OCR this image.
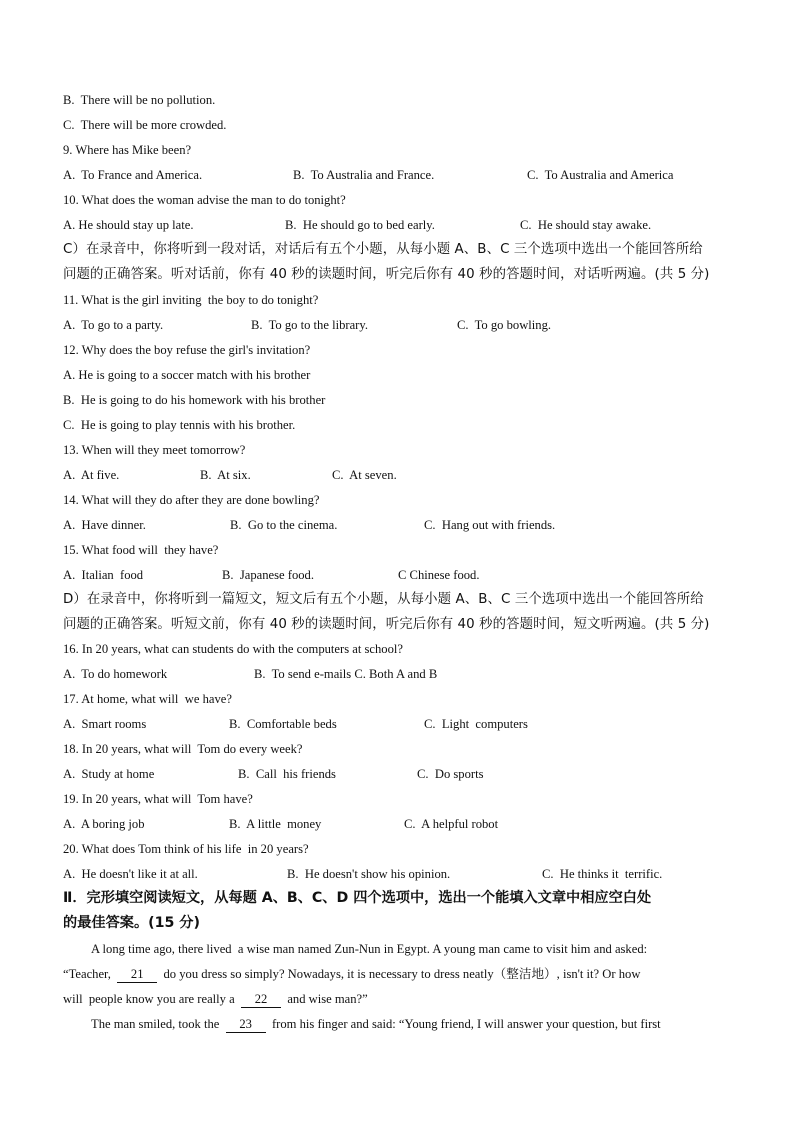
B.  There will be no pollution.
C.  There will be more crowded.
9. Where has Mike been?
A.  To France and America.	B.  To Australia and France.	C.  To Australia and America
10. What does the woman advise the man to do tonight?
A. He should stay up late.	B.  He should go to bed early.	C.  He should stay awake.
C）在录音中，你将听到一段对话，对话后有五个小题，从每小题 A、B、C 三个选项中选出一个能回答所给
问题的正确答案。听对话前，你有 40 秒的读题时间，听完后你有 40 秒的答题时间，对话听两遍。(共 5 分)
11. What is the girl inviting  the boy to do tonight?
A.  To go to a party.	B.  To go to the library.	C.  To go bowling.
12. Why does the boy refuse the girl's invitation?
A. He is going to a soccer match with his brother
B.  He is going to do his homework with his brother
C.  He is going to play tennis with his brother.
13. When will they meet tomorrow?
A.  At five.	B.  At six.	C.  At seven.
14. What will they do after they are done bowling?
A.  Have dinner.	B.  Go to the cinema.	C.  Hang out with friends.
15. What food will  they have?
A.  Italian  food	B.  Japanese food.	C Chinese food.
D）在录音中，你将听到一篇短文，短文后有五个小题，从每小题 A、B、C 三个选项中选出一个能回答所给
问题的正确答案。听短文前，你有 40 秒的读题时间，听完后你有 40 秒的答题时间，短文听两遍。(共 5 分)
16. In 20 years, what can students do with the computers at school?
A.  To do homework	B.  To send e-mails C. Both A and B
17. At home, what will  we have?
A.  Smart rooms	B.  Comfortable beds	C.  Light  computers
18. In 20 years, what will  Tom do every week?
A.  Study at home	B.  Call  his friends	C.  Do sports
19. In 20 years, what will  Tom have?
A.  A boring job	B.  A little  money	C.  A helpful robot
20. What does Tom think of his life  in 20 years?
A.  He doesn't like it at all.	B.  He doesn't show his opinion.	C.  He thinks it  terrific.
Ⅱ．完形填空阅读短文，从每题 A、B、C、D 四个选项中，选出一个能填入文章中相应空白处
的最佳答案。(15 分)
A long time ago, there lived  a wise man named Zun-Nun in Egypt. A young man came to visit him and asked:
“Teacher,  21  do you dress so simply? Nowadays, it is necessary to dress neatly（整洁地）, isn't it? Or how
will  people know you are really a  22  and wise man?”
The man smiled, took the  23  from his finger and said: “Young friend, I will answer your question, but first
